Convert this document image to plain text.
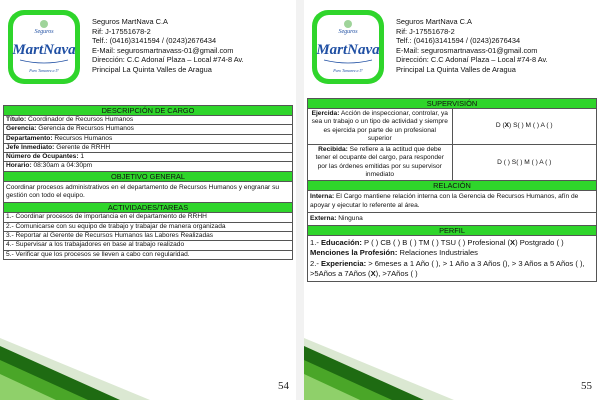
Seguros
MartNava
Puro Tamarez a 5º
Seguros MartNava C.A
Rif: J-17551678-2
Telf.: (0416)3141594 / (0243)2676434
E-Mail: segurosmartnavass-01@gmail.com
Dirección: C.C Adonaí Plaza – Local #74-8 Av.
Principal La Quinta Valles de Aragua
DESCRIPCIÓN DE CARGO
Título: Coordinador de Recursos Humanos
Gerencia: Gerencia de Recursos Humanos
Departamento: Recursos Humanos
Jefe Inmediato: Gerente de RRHH
Número de Ocupantes: 1
Horario: 08:30am a 04:30pm
OBJETIVO GENERAL
Coordinar procesos administrativos en el departamento de Recursos Humanos y engranar su gestión con todo el equipo.
ACTIVIDADES/TAREAS
1.- Coordinar procesos de importancia en el departamento de RRHH
2.- Comunicarse con su equipo de trabajo y trabajar de manera organizada
3.- Reportar al Gerente de Recursos Humanos las Labores Realizadas
4.- Supervisar a los trabajadores en base al trabajo realizado
5.- Verificar que los procesos se lleven a cabo con regularidad.
54
Seguros
MartNava
Puro Tamarez a 5º
Seguros MartNava C.A
Rif: J-17551678-2
Telf.: (0416)3141594 / (0243)2676434
E-Mail: segurosmartnavass-01@gmail.com
Dirección: C.C Adonaí Plaza – Local #74-8 Av.
Principal La Quinta Valles de Aragua
SUPERVISIÓN	
Ejercida: Acción de inspeccionar, controlar, ya sea un trabajo o un tipo de actividad y siempre es ejercida por parte de un profesional superior	D (X) S( ) M ( ) A ( )
Recibida: Se refiere a la actitud que debe tener el ocupante del cargo, para responder por las órdenes emitidas por su supervisor inmediato	D ( ) S( ) M ( ) A ( )
RELACIÓN	
Interna: El Cargo mantiene relación interna con la Gerencia de Recursos Humanos, afín de apoyar y ejecutar lo referente al área.	
Externa: Ninguna	
PERFIL	

1.- Educación: P ( ) CB ( ) B ( ) TM ( ) TSU ( ) Profesional (X) Postgrado ( )
Menciones la Profesión: Relaciones Industriales
2.- Experiencia: > 6meses a 1 Año ( ), > 1 Año a 3 Años (), > 3 Años a 5 Años ( ), >5Años a 7Años (X), >7Años ( )	
55
